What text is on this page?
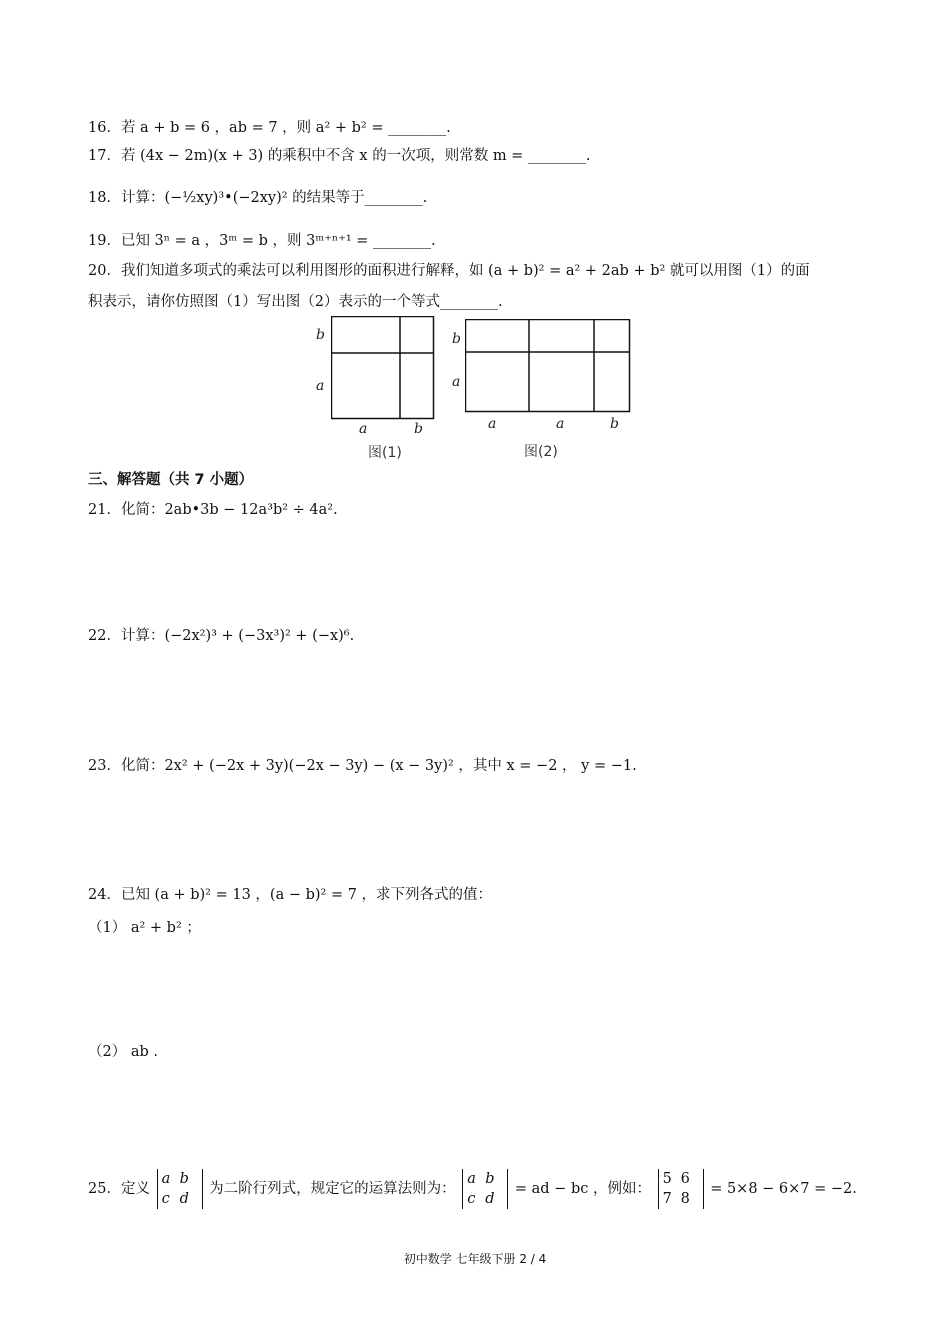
16．若 a + b = 6 ，ab = 7 ，则 a² + b² = ________.
17．若 (4x − 2m)(x + 3) 的乘积中不含 x 的一次项，则常数 m = ________.
18．计算：(−½xy)³•(−2xy)² 的结果等于________.
19．已知 3ⁿ = a ，3ᵐ = b ，则 3ᵐ⁺ⁿ⁺¹ = ________.
20．我们知道多项式的乘法可以利用图形的面积进行解释，如 (a + b)² = a² + 2ab + b² 就可以用图（1）的面
积表示，请你仿照图（1）写出图（2）表示的一个等式________.
b
a
a	b
图(1)
b
a
a	a	b
图(2)
三、解答题（共 7 小题）
21．化简：2ab•3b − 12a³b² ÷ 4a².
22．计算：(−2x²)³ + (−3x³)² + (−x)⁶.
23．化简：2x² + (−2x + 3y)(−2x − 3y) − (x − 3y)² ，其中 x = −2 ， y = −1.
24．已知 (a + b)² = 13 ，(a − b)² = 7 ，求下列各式的值：
（1） a² + b² ；
（2） ab .
25．定义 a b
c d 为二阶行列式，规定它的运算法则为： a b
c d = ad − bc ，例如： 5 6
7 8 = 5×8 − 6×7 = −2.
初中数学 七年级下册 2 / 4
